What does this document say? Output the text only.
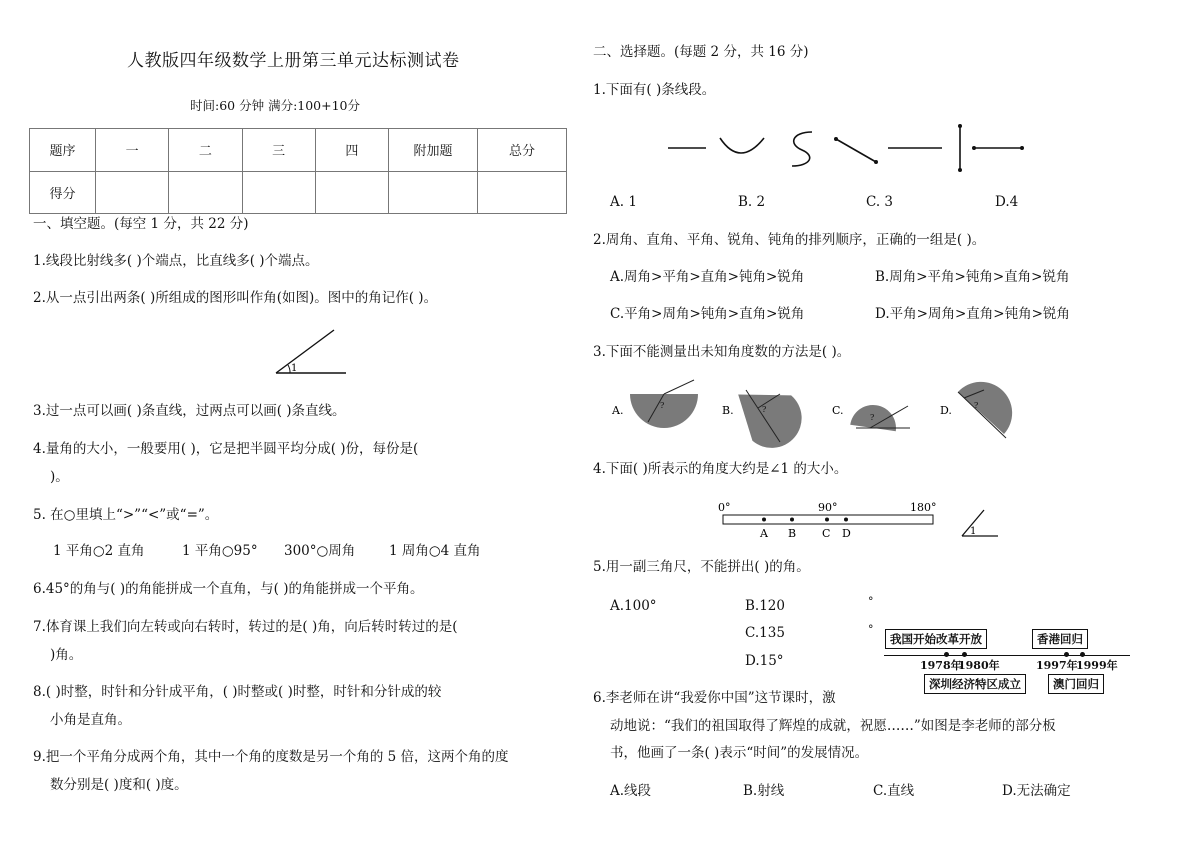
人教版四年级数学上册第三单元达标测试卷
时间:60 分钟 满分:100+10分
题序	一	二	三	四	附加题	总分
得分						
一、填空题。(每空 1 分，共 22 分)
1.线段比射线多( )个端点，比直线多( )个端点。
2.从一点引出两条( )所组成的图形叫作角(如图)。图中的角记作( )。
1
3.过一点可以画( )条直线，过两点可以画( )条直线。
4.量角的大小，一般要用( )，它是把半圆平均分成( )份，每份是(
)。
5. 在○里填上“>”“<”或“=”。
1 平角○2 直角	1 平角○95° 300°○周角 1 周角○4 直角
6.45°的角与( )的角能拼成一个直角，与( )的角能拼成一个平角。
7.体育课上我们向左转或向右转时，转过的是( )角，向后转时转过的是(
)角。
8.( )时整，时针和分针成平角，( )时整或( )时整，时针和分针成的较
小角是直角。
9.把一个平角分成两个角，其中一个角的度数是另一个角的 5 倍，这两个角的度
数分别是( )度和( )度。
二、选择题。(每题 2 分，共 16 分)
1.下面有( )条线段。
A. 1	B. 2	C. 3	D.4
2.周角、直角、平角、锐角、钝角的排列顺序，正确的一组是( )。
A.周角>平角>直角>钝角>锐角	B.周角>平角>钝角>直角>锐角
C.平角>周角>钝角>直角>锐角	D.平角>周角>直角>钝角>锐角
3.下面不能测量出未知角度数的方法是( )。
A.	?	B.	?	C.
?
D.	?
4.下面( )所表示的角度大约是∠1 的大小。
0°	90°	180°
A B C D	1
5.用一副三角尺，不能拼出( )的角。
A.100°	B.120	°
C.135	°
D.15°
我国开始改革开放	香港回归
1978年
1980年	1997年
1999年
深圳经济特区成立	澳门回归
6.李老师在讲“我爱你中国”这节课时，激
动地说：“我们的祖国取得了辉煌的成就，祝愿……”如图是李老师的部分板
书，他画了一条( )表示“时间”的发展情况。
A.线段	B.射线	C.直线	D.无法确定
